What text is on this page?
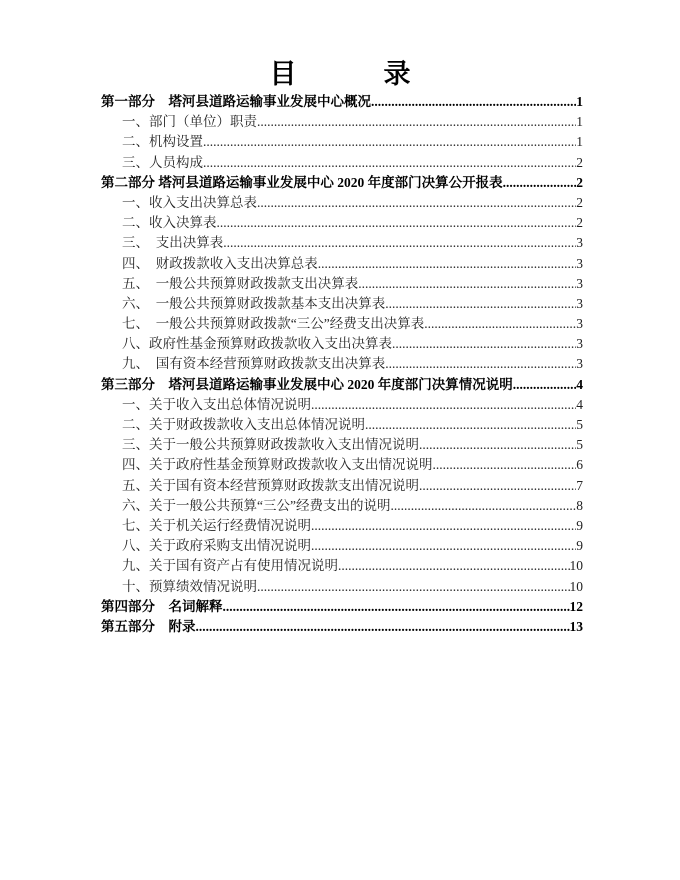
目　录
第一部分　塔河县道路运输事业发展中心概况 .....	1
一、部门（单位）职责 .....	1
二、机构设置 .....	1
三、人员构成 .....	2
第二部分 塔河县道路运输事业发展中心 2020 年度部门决算公开报表 .....	2
一、收入支出决算总表 .....	2
二、收入决算表 .....	2
三、　支出决算表 .....	3
四、　财政拨款收入支出决算总表 .....	3
五、　一般公共预算财政拨款支出决算表 .....	3
六、　一般公共预算财政拨款基本支出决算表 .....	3
七、　一般公共预算财政拨款“三公”经费支出决算表 .....	3
八、政府性基金预算财政拨款收入支出决算表 .....	3
九、　国有资本经营预算财政拨款支出决算表 .....	3
第三部分　塔河县道路运输事业发展中心 2020 年度部门决算情况说明 .....	4
一、关于收入支出总体情况说明 .....	4
二、关于财政拨款收入支出总体情况说明 .....	5
三、关于一般公共预算财政拨款收入支出情况说明 .....	5
四、关于政府性基金预算财政拨款收入支出情况说明 .....	6
五、关于国有资本经营预算财政拨款支出情况说明 .....	7
六、关于一般公共预算“三公”经费支出的说明 .....	8
七、关于机关运行经费情况说明 .....	9
八、关于政府采购支出情况说明 .....	9
九、关于国有资产占有使用情况说明 .....	10
十、预算绩效情况说明 .....	10
第四部分　名词解释 .....	12
第五部分　附录 .....	13
